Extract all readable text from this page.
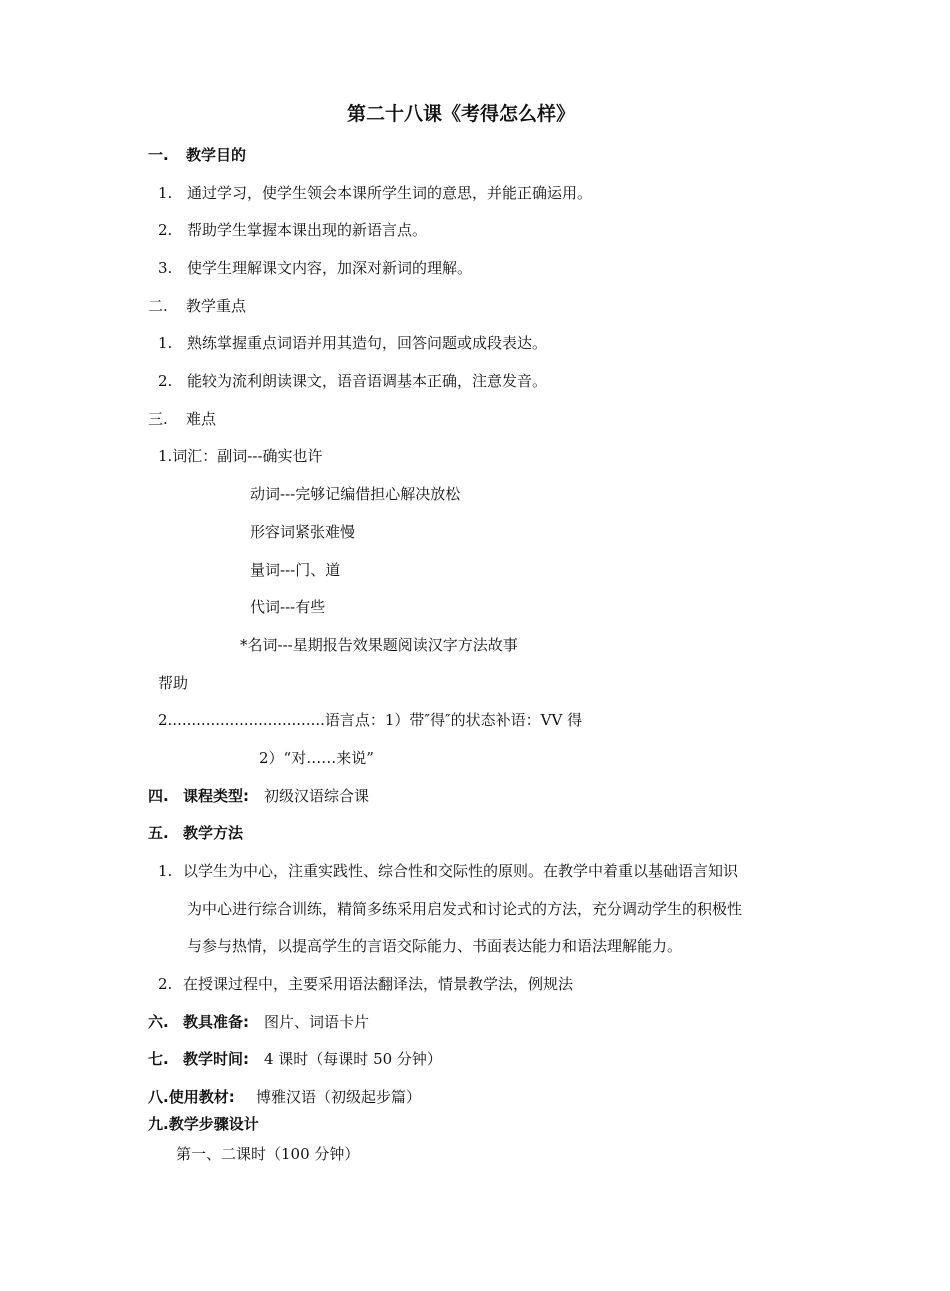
第二十八课《考得怎么样》
一. 教学目的
1. 通过学习，使学生领会本课所学生词的意思，并能正确运用。
2. 帮助学生掌握本课出现的新语言点。
3. 使学生理解课文内容，加深对新词的理解。
二. 教学重点
1. 熟练掌握重点词语并用其造句，回答问题或成段表达。
2. 能较为流利朗读课文，语音语调基本正确，注意发音。
三. 难点
1.词汇：副词---确实也许
动词---完够记编借担心解决放松
形容词紧张难慢
量词---门、道
代词---有些
*名词---星期报告效果题阅读汉字方法故事
帮助
2.................................语言点：1）带″得″的状态补语：VV 得
2）“对……来说”
四. 课程类型: 初级汉语综合课
五. 教学方法
1. 以学生为中心，注重实践性、综合性和交际性的原则。在教学中着重以基础语言知识
为中心进行综合训练，精简多练采用启发式和讨论式的方法，充分调动学生的积极性
与参与热情，以提高学生的言语交际能力、书面表达能力和语法理解能力。
2. 在授课过程中，主要采用语法翻译法，情景教学法，例规法
六. 教具准备: 图片、词语卡片
七. 教学时间: 4 课时（每课时 50 分钟）
八.使用教材: 博雅汉语（初级起步篇）
九.教学步骤设计
第一、二课时（100 分钟）
